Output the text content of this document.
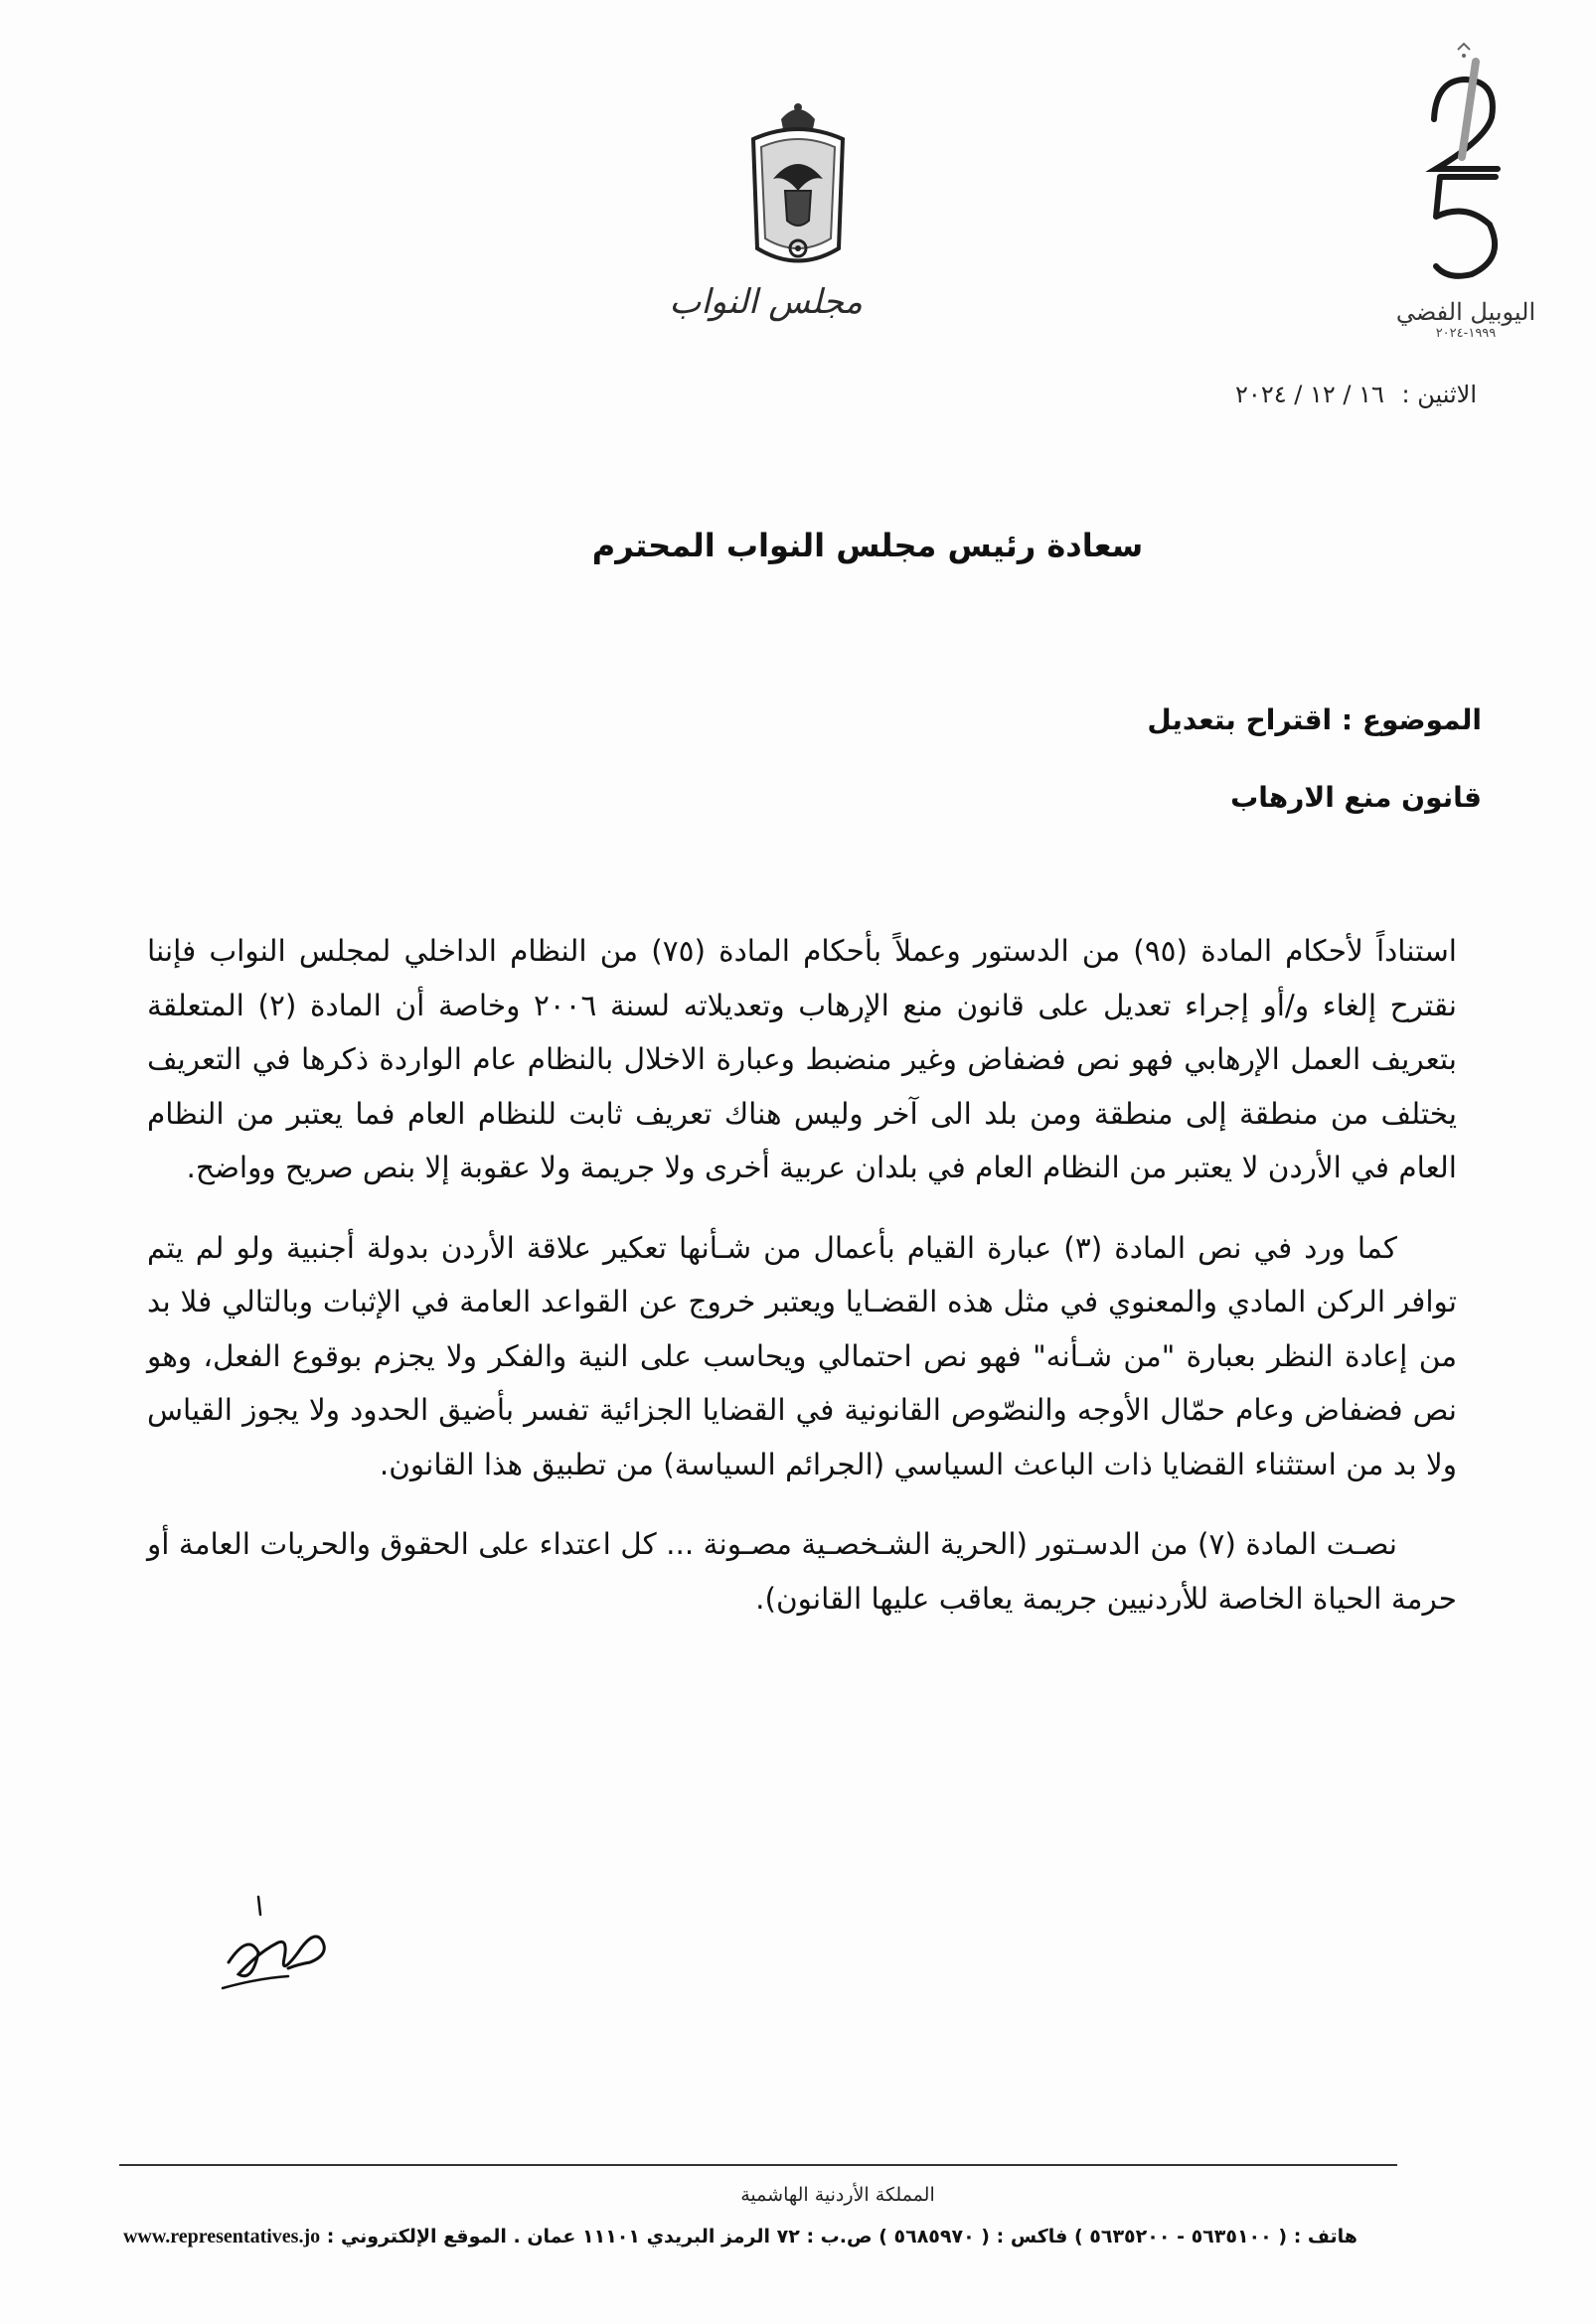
مجلس النواب	اليوبيل الفضي
١٩٩٩-٢٠٢٤
الاثنين : ١٦ / ١٢ / ٢٠٢٤
سعادة رئيس مجلس النواب المحترم
الموضوع : اقتراح بتعديل
قانون منع الارهاب

استناداً لأحكام المادة (٩٥) من الدستور وعملاً بأحكام المادة (٧٥) من النظام الداخلي لمجلس النواب فإننا نقترح إلغاء و/أو إجراء تعديل على قانون منع الإرهاب وتعديلاته لسنة ٢٠٠٦ وخاصة أن المادة (٢) المتعلقة بتعريف العمل الإرهابي فهو نص فضفاض وغير منضبط وعبارة الاخلال بالنظام عام الواردة ذكرها في التعريف يختلف من منطقة إلى منطقة ومن بلد الى آخر وليس هناك تعريف ثابت للنظام العام فما يعتبر من النظام العام في الأردن لا يعتبر من النظام العام في بلدان عربية أخرى ولا جريمة ولا عقوبة إلا بنص صريح وواضح.

كما ورد في نص المادة (٣) عبارة القيام بأعمال من شـأنها تعكير علاقة الأردن بدولة أجنبية ولو لم يتم توافر الركن المادي والمعنوي في مثل هذه القضـايا ويعتبر خروج عن القواعد العامة في الإثبات وبالتالي فلا بد من إعادة النظر بعبارة "من شـأنه" فهو نص احتمالي ويحاسب على النية والفكر ولا يجزم بوقوع الفعل، وهو نص فضفاض وعام حمّال الأوجه والنصّوص القانونية في القضايا الجزائية تفسر بأضيق الحدود ولا يجوز القياس ولا بد من استثناء القضايا ذات الباعث السياسي (الجرائم السياسة) من تطبيق هذا القانون.

نصـت المادة (٧) من الدسـتور (الحرية الشـخصـية مصـونة ... كل اعتداء على الحقوق والحريات العامة أو حرمة الحياة الخاصة للأردنيين جريمة يعاقب عليها القانون).

المملكة الأردنية الهاشمية
هاتف : ( ٥٦٣٥١٠٠ - ٥٦٣٥٢٠٠ ) فاكس : ( ٥٦٨٥٩٧٠ ) ص.ب : ٧٢ الرمز البريدي ١١١٠١ عمان . الموقع الإلكتروني : www.representatives.jo
